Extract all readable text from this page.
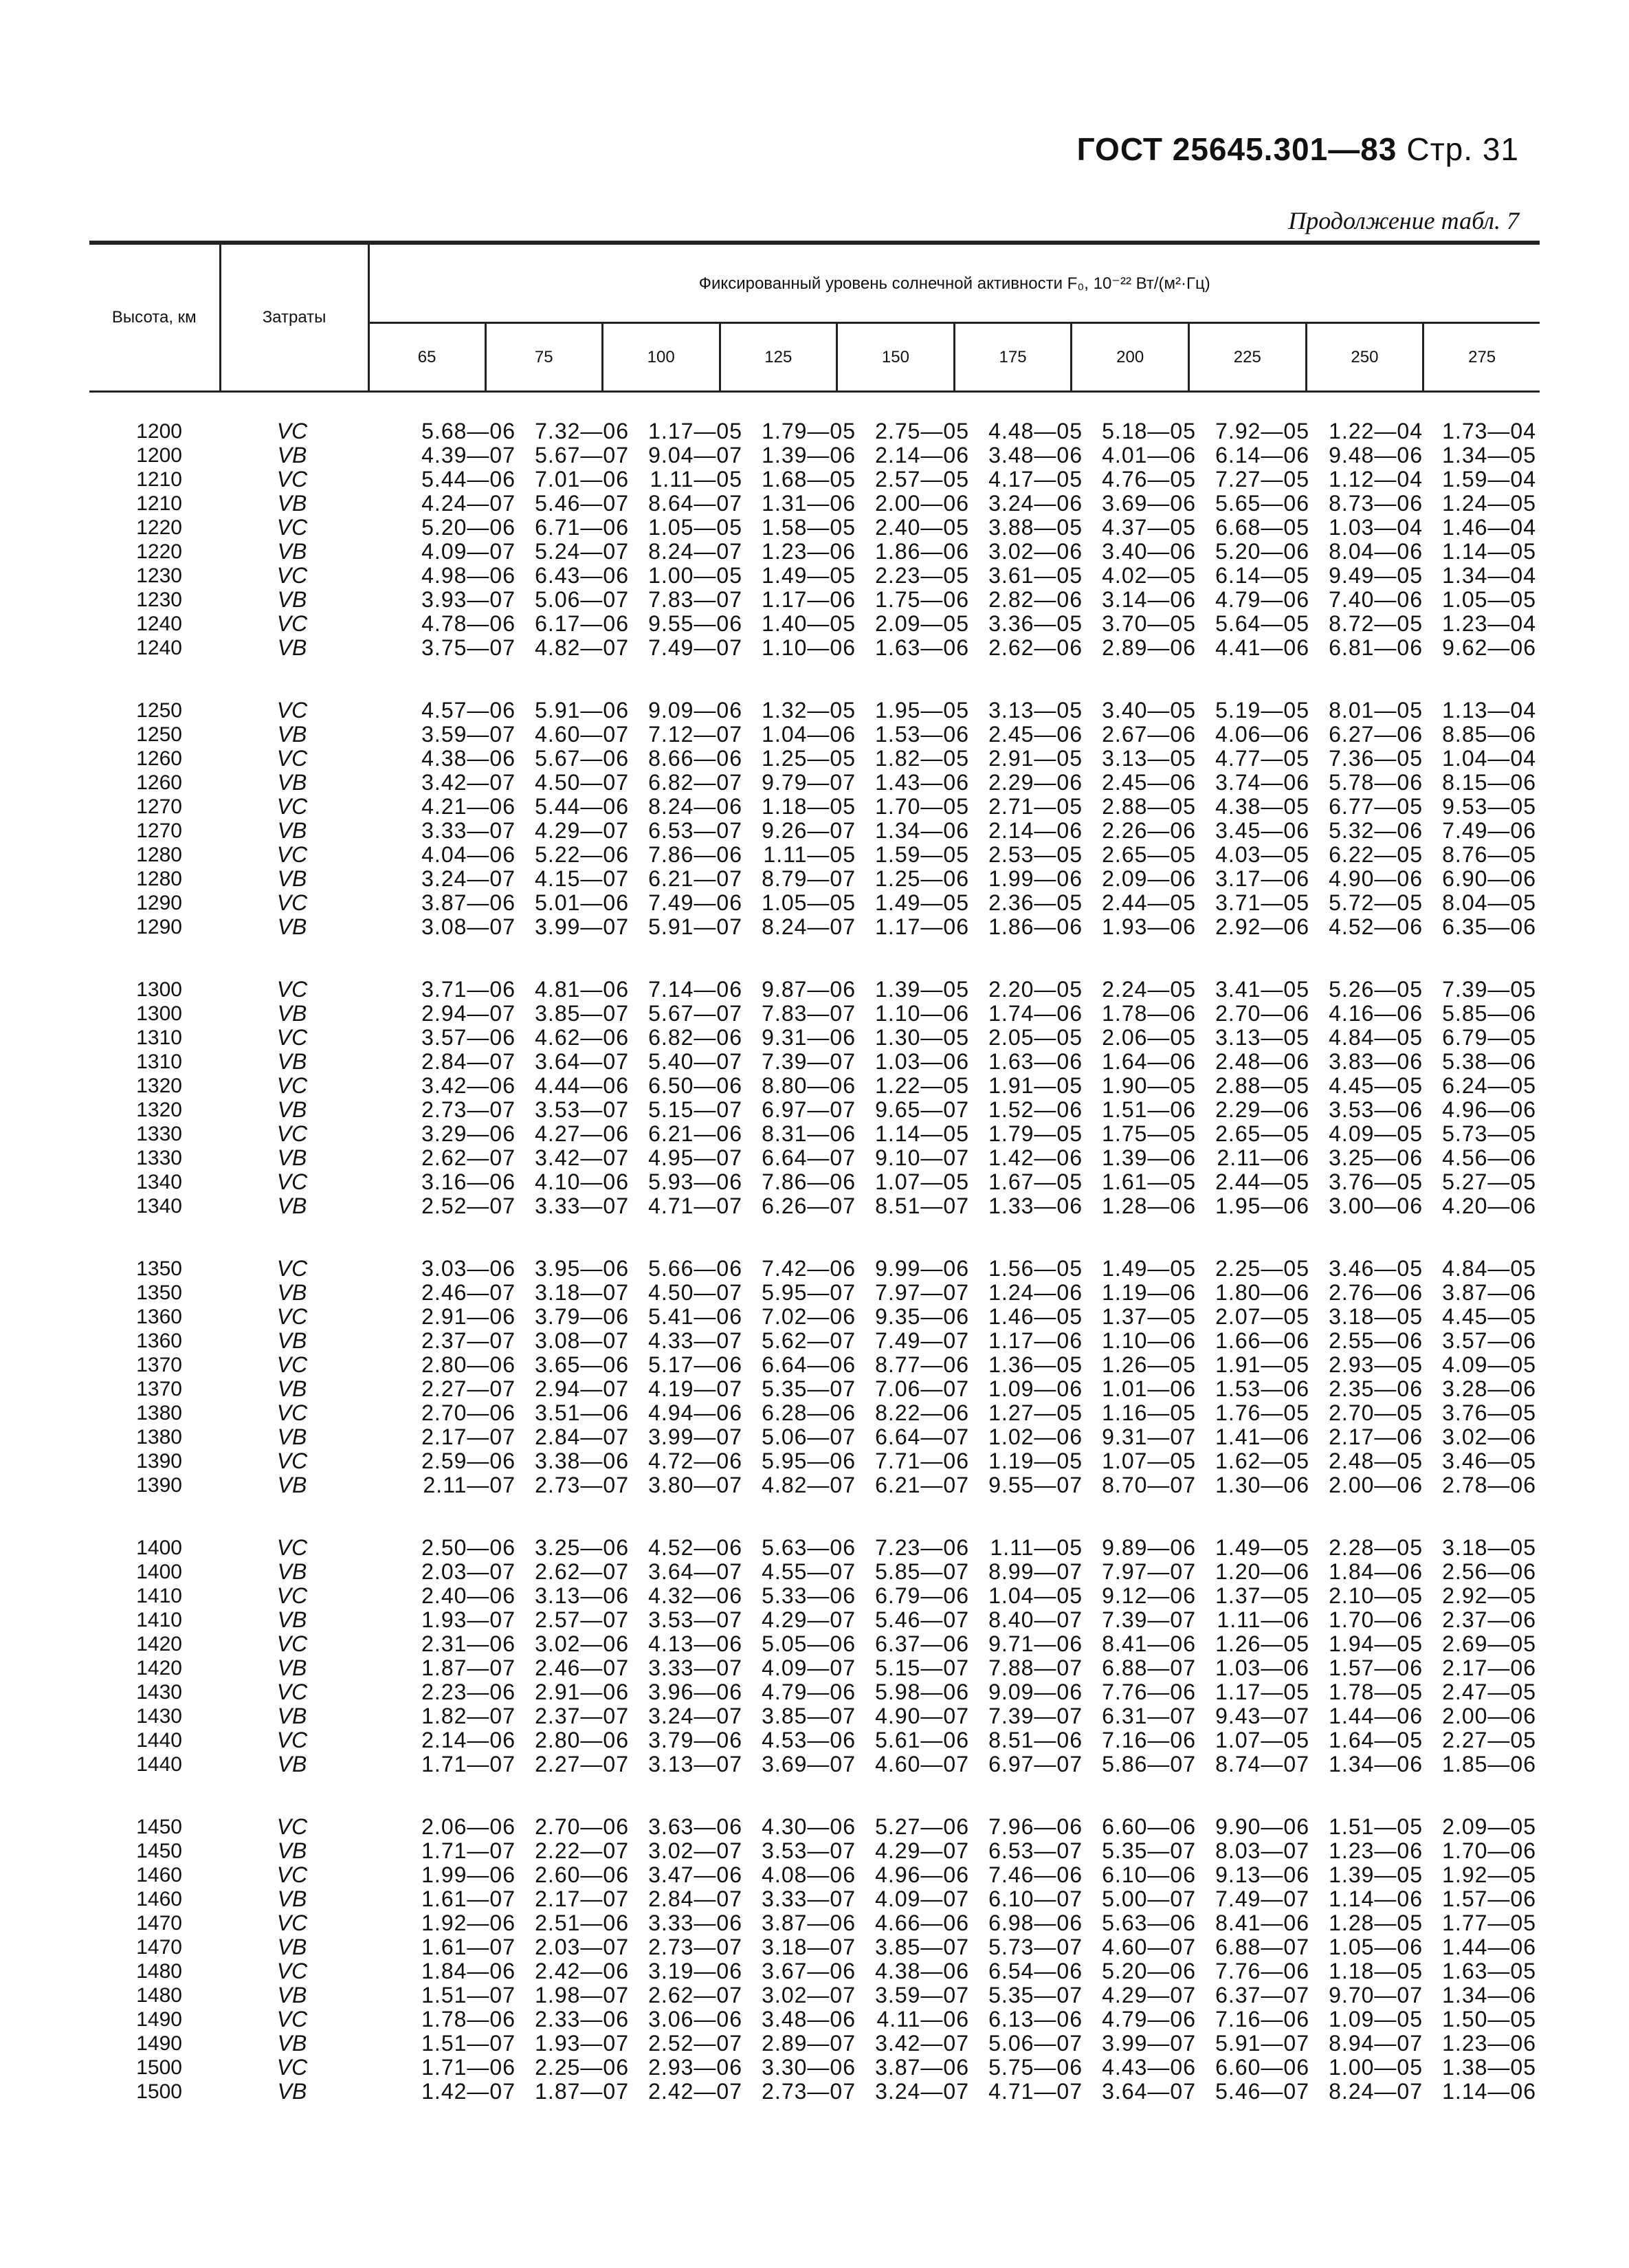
ГОСТ 25645.301—83 Стр. 31
Продолжение табл. 7
Высота, км	Затраты	Фиксированный уровень солнечной активности F₀, 10⁻²² Вт/(м²·Гц)									
		65	75	100	125	150	175	200	225	250	275
1200	VC	5.68—06 7.32—06 1.17—05 1.79—05 2.75—05 4.48—05 5.18—05 7.92—05 1.22—04 1.73—04
1200	VB	4.39—07 5.67—07 9.04—07 1.39—06 2.14—06 3.48—06 4.01—06 6.14—06 9.48—06 1.34—05
1210	VC	5.44—06 7.01—06 1.11—05 1.68—05 2.57—05 4.17—05 4.76—05 7.27—05 1.12—04 1.59—04
1210	VB	4.24—07 5.46—07 8.64—07 1.31—06 2.00—06 3.24—06 3.69—06 5.65—06 8.73—06 1.24—05
1220	VC	5.20—06 6.71—06 1.05—05 1.58—05 2.40—05 3.88—05 4.37—05 6.68—05 1.03—04 1.46—04
1220	VB	4.09—07 5.24—07 8.24—07 1.23—06 1.86—06 3.02—06 3.40—06 5.20—06 8.04—06 1.14—05
1230	VC	4.98—06 6.43—06 1.00—05 1.49—05 2.23—05 3.61—05 4.02—05 6.14—05 9.49—05 1.34—04
1230	VB	3.93—07 5.06—07 7.83—07 1.17—06 1.75—06 2.82—06 3.14—06 4.79—06 7.40—06 1.05—05
1240	VC	4.78—06 6.17—06 9.55—06 1.40—05 2.09—05 3.36—05 3.70—05 5.64—05 8.72—05 1.23—04
1240	VB	3.75—07 4.82—07 7.49—07 1.10—06 1.63—06 2.62—06 2.89—06 4.41—06 6.81—06 9.62—06
1250	VC	4.57—06 5.91—06 9.09—06 1.32—05 1.95—05 3.13—05 3.40—05 5.19—05 8.01—05 1.13—04
1250	VB	3.59—07 4.60—07 7.12—07 1.04—06 1.53—06 2.45—06 2.67—06 4.06—06 6.27—06 8.85—06
1260	VC	4.38—06 5.67—06 8.66—06 1.25—05 1.82—05 2.91—05 3.13—05 4.77—05 7.36—05 1.04—04
1260	VB	3.42—07 4.50—07 6.82—07 9.79—07 1.43—06 2.29—06 2.45—06 3.74—06 5.78—06 8.15—06
1270	VC	4.21—06 5.44—06 8.24—06 1.18—05 1.70—05 2.71—05 2.88—05 4.38—05 6.77—05 9.53—05
1270	VB	3.33—07 4.29—07 6.53—07 9.26—07 1.34—06 2.14—06 2.26—06 3.45—06 5.32—06 7.49—06
1280	VC	4.04—06 5.22—06 7.86—06 1.11—05 1.59—05 2.53—05 2.65—05 4.03—05 6.22—05 8.76—05
1280	VB	3.24—07 4.15—07 6.21—07 8.79—07 1.25—06 1.99—06 2.09—06 3.17—06 4.90—06 6.90—06
1290	VC	3.87—06 5.01—06 7.49—06 1.05—05 1.49—05 2.36—05 2.44—05 3.71—05 5.72—05 8.04—05
1290	VB	3.08—07 3.99—07 5.91—07 8.24—07 1.17—06 1.86—06 1.93—06 2.92—06 4.52—06 6.35—06
1300	VC	3.71—06 4.81—06 7.14—06 9.87—06 1.39—05 2.20—05 2.24—05 3.41—05 5.26—05 7.39—05
1300	VB	2.94—07 3.85—07 5.67—07 7.83—07 1.10—06 1.74—06 1.78—06 2.70—06 4.16—06 5.85—06
1310	VC	3.57—06 4.62—06 6.82—06 9.31—06 1.30—05 2.05—05 2.06—05 3.13—05 4.84—05 6.79—05
1310	VB	2.84—07 3.64—07 5.40—07 7.39—07 1.03—06 1.63—06 1.64—06 2.48—06 3.83—06 5.38—06
1320	VC	3.42—06 4.44—06 6.50—06 8.80—06 1.22—05 1.91—05 1.90—05 2.88—05 4.45—05 6.24—05
1320	VB	2.73—07 3.53—07 5.15—07 6.97—07 9.65—07 1.52—06 1.51—06 2.29—06 3.53—06 4.96—06
1330	VC	3.29—06 4.27—06 6.21—06 8.31—06 1.14—05 1.79—05 1.75—05 2.65—05 4.09—05 5.73—05
1330	VB	2.62—07 3.42—07 4.95—07 6.64—07 9.10—07 1.42—06 1.39—06 2.11—06 3.25—06 4.56—06
1340	VC	3.16—06 4.10—06 5.93—06 7.86—06 1.07—05 1.67—05 1.61—05 2.44—05 3.76—05 5.27—05
1340	VB	2.52—07 3.33—07 4.71—07 6.26—07 8.51—07 1.33—06 1.28—06 1.95—06 3.00—06 4.20—06
1350	VC	3.03—06 3.95—06 5.66—06 7.42—06 9.99—06 1.56—05 1.49—05 2.25—05 3.46—05 4.84—05
1350	VB	2.46—07 3.18—07 4.50—07 5.95—07 7.97—07 1.24—06 1.19—06 1.80—06 2.76—06 3.87—06
1360	VC	2.91—06 3.79—06 5.41—06 7.02—06 9.35—06 1.46—05 1.37—05 2.07—05 3.18—05 4.45—05
1360	VB	2.37—07 3.08—07 4.33—07 5.62—07 7.49—07 1.17—06 1.10—06 1.66—06 2.55—06 3.57—06
1370	VC	2.80—06 3.65—06 5.17—06 6.64—06 8.77—06 1.36—05 1.26—05 1.91—05 2.93—05 4.09—05
1370	VB	2.27—07 2.94—07 4.19—07 5.35—07 7.06—07 1.09—06 1.01—06 1.53—06 2.35—06 3.28—06
1380	VC	2.70—06 3.51—06 4.94—06 6.28—06 8.22—06 1.27—05 1.16—05 1.76—05 2.70—05 3.76—05
1380	VB	2.17—07 2.84—07 3.99—07 5.06—07 6.64—07 1.02—06 9.31—07 1.41—06 2.17—06 3.02—06
1390	VC	2.59—06 3.38—06 4.72—06 5.95—06 7.71—06 1.19—05 1.07—05 1.62—05 2.48—05 3.46—05
1390	VB	2.11—07 2.73—07 3.80—07 4.82—07 6.21—07 9.55—07 8.70—07 1.30—06 2.00—06 2.78—06
1400	VC	2.50—06 3.25—06 4.52—06 5.63—06 7.23—06 1.11—05 9.89—06 1.49—05 2.28—05 3.18—05
1400	VB	2.03—07 2.62—07 3.64—07 4.55—07 5.85—07 8.99—07 7.97—07 1.20—06 1.84—06 2.56—06
1410	VC	2.40—06 3.13—06 4.32—06 5.33—06 6.79—06 1.04—05 9.12—06 1.37—05 2.10—05 2.92—05
1410	VB	1.93—07 2.57—07 3.53—07 4.29—07 5.46—07 8.40—07 7.39—07 1.11—06 1.70—06 2.37—06
1420	VC	2.31—06 3.02—06 4.13—06 5.05—06 6.37—06 9.71—06 8.41—06 1.26—05 1.94—05 2.69—05
1420	VB	1.87—07 2.46—07 3.33—07 4.09—07 5.15—07 7.88—07 6.88—07 1.03—06 1.57—06 2.17—06
1430	VC	2.23—06 2.91—06 3.96—06 4.79—06 5.98—06 9.09—06 7.76—06 1.17—05 1.78—05 2.47—05
1430	VB	1.82—07 2.37—07 3.24—07 3.85—07 4.90—07 7.39—07 6.31—07 9.43—07 1.44—06 2.00—06
1440	VC	2.14—06 2.80—06 3.79—06 4.53—06 5.61—06 8.51—06 7.16—06 1.07—05 1.64—05 2.27—05
1440	VB	1.71—07 2.27—07 3.13—07 3.69—07 4.60—07 6.97—07 5.86—07 8.74—07 1.34—06 1.85—06
1450	VC	2.06—06 2.70—06 3.63—06 4.30—06 5.27—06 7.96—06 6.60—06 9.90—06 1.51—05 2.09—05
1450	VB	1.71—07 2.22—07 3.02—07 3.53—07 4.29—07 6.53—07 5.35—07 8.03—07 1.23—06 1.70—06
1460	VC	1.99—06 2.60—06 3.47—06 4.08—06 4.96—06 7.46—06 6.10—06 9.13—06 1.39—05 1.92—05
1460	VB	1.61—07 2.17—07 2.84—07 3.33—07 4.09—07 6.10—07 5.00—07 7.49—07 1.14—06 1.57—06
1470	VC	1.92—06 2.51—06 3.33—06 3.87—06 4.66—06 6.98—06 5.63—06 8.41—06 1.28—05 1.77—05
1470	VB	1.61—07 2.03—07 2.73—07 3.18—07 3.85—07 5.73—07 4.60—07 6.88—07 1.05—06 1.44—06
1480	VC	1.84—06 2.42—06 3.19—06 3.67—06 4.38—06 6.54—06 5.20—06 7.76—06 1.18—05 1.63—05
1480	VB	1.51—07 1.98—07 2.62—07 3.02—07 3.59—07 5.35—07 4.29—07 6.37—07 9.70—07 1.34—06
1490	VC	1.78—06 2.33—06 3.06—06 3.48—06 4.11—06 6.13—06 4.79—06 7.16—06 1.09—05 1.50—05
1490	VB	1.51—07 1.93—07 2.52—07 2.89—07 3.42—07 5.06—07 3.99—07 5.91—07 8.94—07 1.23—06
1500	VC	1.71—06 2.25—06 2.93—06 3.30—06 3.87—06 5.75—06 4.43—06 6.60—06 1.00—05 1.38—05
1500	VB	1.42—07 1.87—07 2.42—07 2.73—07 3.24—07 4.71—07 3.64—07 5.46—07 8.24—07 1.14—06
